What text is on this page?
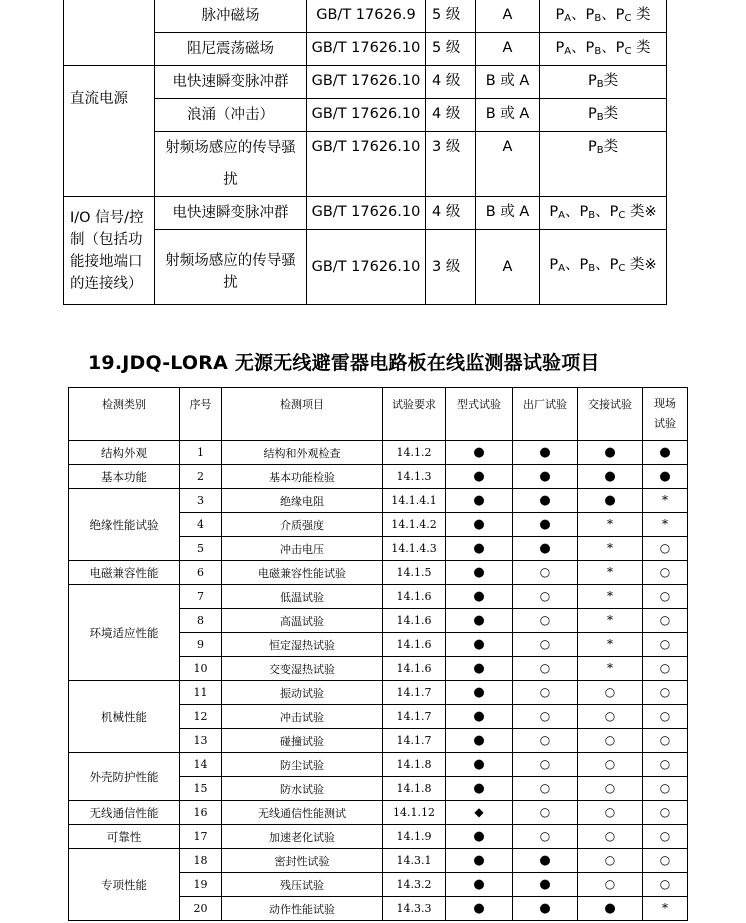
	脉冲磁场	GB/T 17626.9	5 级	A	$P_A$、$P_B$、$P_C$ 类
	阻尼震荡磁场	GB/T 17626.10	5 级	A	$P_A$、$P_B$、$P_C$ 类
直流电源	电快速瞬变脉冲群	GB/T 17626.10	4 级	B 或 A	$P_B$类
	浪涌（冲击）	GB/T 17626.10	4 级	B 或 A	$P_B$类
	射频场感应的传导骚扰	GB/T 17626.10	3 级	A	$P_B$类
I/O 信号/控制（包括功能接地端口的连接线）	电快速瞬变脉冲群	GB/T 17626.10	4 级	B 或 A	$P_A$、$P_B$、$P_C$ 类※
	射频场感应的传导骚扰	GB/T 17626.10	3 级	A	$P_A$、$P_B$、$P_C$ 类※
19.JDQ-LORA 无源无线避雷器电路板在线监测器试验项目
检测类别	序号	检测项目	试验要求	型式试验	出厂试验	交接试验	现场
试验
结构外观	1	结构和外观检查	14.1.2	●	●	●	●
基本功能	2	基本功能检验	14.1.3	●	●	●	●
绝缘性能试验	3	绝缘电阻	14.1.4.1	●	●	●	*
	4	介质强度	14.1.4.2	●	●	*	*
	5	冲击电压	14.1.4.3	●	●	*	○
电磁兼容性能	6	电磁兼容性能试验	14.1.5	●	○	*	○
环境适应性能	7	低温试验	14.1.6	●	○	*	○
	8	高温试验	14.1.6	●	○	*	○
	9	恒定湿热试验	14.1.6	●	○	*	○
	10	交变湿热试验	14.1.6	●	○	*	○
机械性能	11	振动试验	14.1.7	●	○	○	○
	12	冲击试验	14.1.7	●	○	○	○
	13	碰撞试验	14.1.7	●	○	○	○
外壳防护性能	14	防尘试验	14.1.8	●	○	○	○
	15	防水试验	14.1.8	●	○	○	○
无线通信性能	16	无线通信性能测试	14.1.12	◆	○	○	○
可靠性	17	加速老化试验	14.1.9	●	○	○	○
专项性能	18	密封性试验	14.3.1	●	●	○	○
	19	残压试验	14.3.2	●	●	○	○
	20	动作性能试验	14.3.3	●	●	●	*
